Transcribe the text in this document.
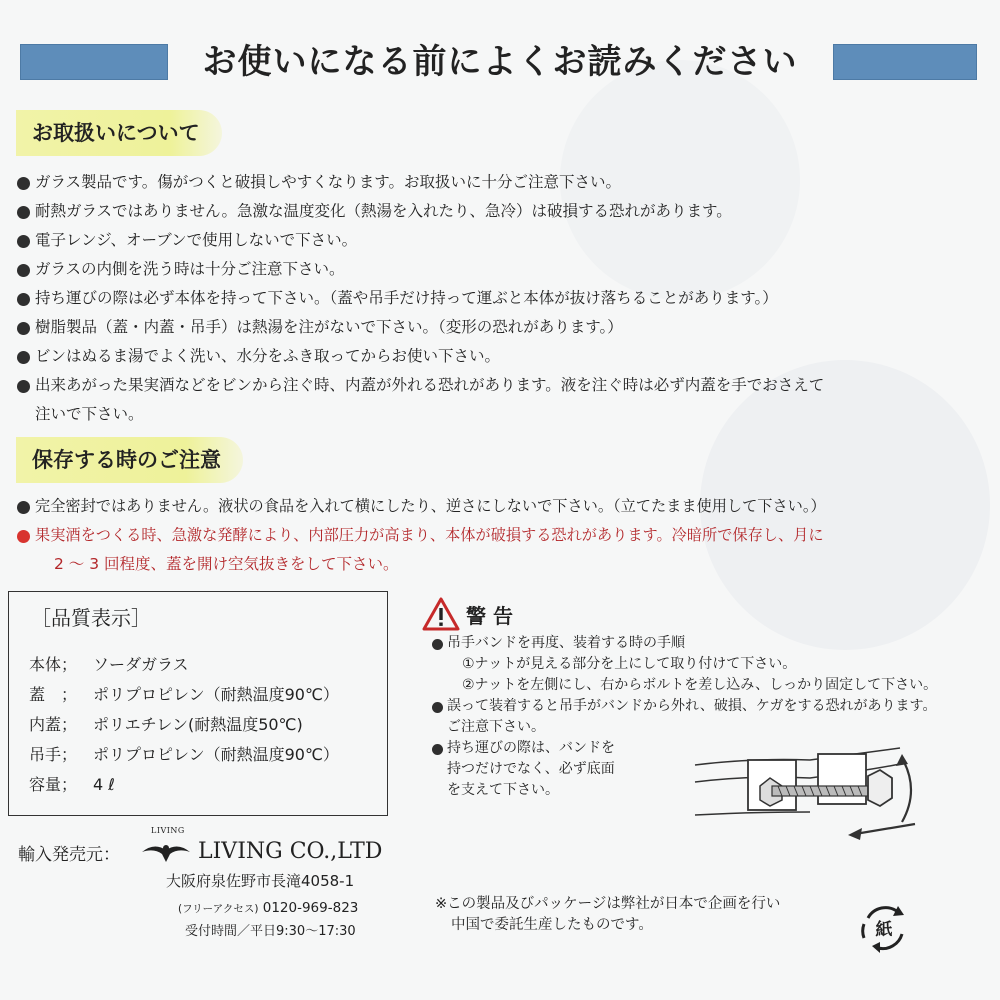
お使いになる前によくお読みください
お取扱いについて
ガラス製品です。傷がつくと破損しやすくなります。お取扱いに十分ご注意下さい。
耐熱ガラスではありません。急激な温度変化（熱湯を入れたり、急冷）は破損する恐れがあります。
電子レンジ、オーブンで使用しないで下さい。
ガラスの内側を洗う時は十分ご注意下さい。
持ち運びの際は必ず本体を持って下さい。（蓋や吊手だけ持って運ぶと本体が抜け落ちることがあります。）
樹脂製品（蓋・内蓋・吊手）は熱湯を注がないで下さい。（変形の恐れがあります。）
ビンはぬるま湯でよく洗い、水分をふき取ってからお使い下さい。
出来あがった果実酒などをビンから注ぐ時、内蓋が外れる恐れがあります。液を注ぐ時は必ず内蓋を手でおさえて
注いで下さい。
保存する時のご注意
完全密封ではありません。液状の食品を入れて横にしたり、逆さにしないで下さい。（立てたまま使用して下さい。）
果実酒をつくる時、急激な発酵により、内部圧力が高まり、本体が破損する恐れがあります。冷暗所で保存し、月に
2 〜 3 回程度、蓋を開け空気抜きをして下さい。
［品質表示］
本体； ソーダガラス
蓋　； ポリプロピレン（耐熱温度90℃）
内蓋； ポリエチレン(耐熱温度50℃)
吊手； ポリプロピレン（耐熱温度90℃）
容量； 4 ℓ
警 告
吊手バンドを再度、装着する時の手順
①ナットが見える部分を上にして取り付けて下さい。
②ナットを左側にし、右からボルトを差し込み、しっかり固定して下さい。
誤って装着すると吊手がバンドから外れ、破損、ケガをする恐れがあります。
ご注意下さい。
持ち運びの際は、バンドを
持つだけでなく、必ず底面
を支えて下さい。
輸入発売元：
LIVING
LIVING CO.,LTD
大阪府泉佐野市長滝4058-1
(フリーアクセス) 0120-969-823
受付時間／平日9:30〜17:30
※この製品及びパッケージは弊社が日本で企画を行い
中国で委託生産したものです。	紙
